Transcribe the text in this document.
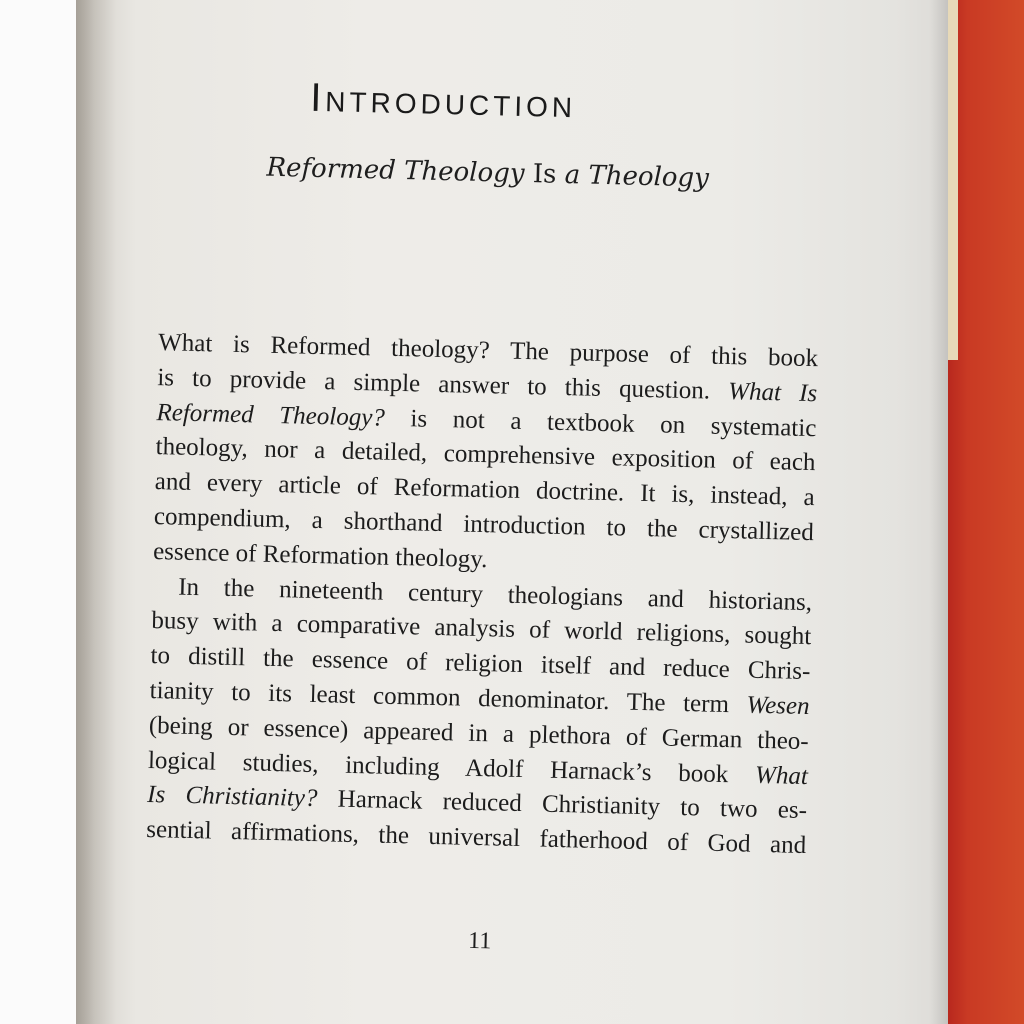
Introduction
Reformed Theology Is a Theology
What is Reformed theology? The purpose of this book
is to provide a simple answer to this question. What Is
Reformed Theology? is not a textbook on systematic
theology, nor a detailed, comprehensive exposition of each
and every article of Reformation doctrine. It is, instead, a
compendium, a shorthand introduction to the crystallized
essence of Reformation theology.
In the nineteenth century theologians and historians,
busy with a comparative analysis of world religions, sought
to distill the essence of religion itself and reduce Chris-
tianity to its least common denominator. The term Wesen
(being or essence) appeared in a plethora of German theo-
logical studies, including Adolf Harnack’s book What
Is Christianity? Harnack reduced Christianity to two es-
sential affirmations, the universal fatherhood of God and
11
